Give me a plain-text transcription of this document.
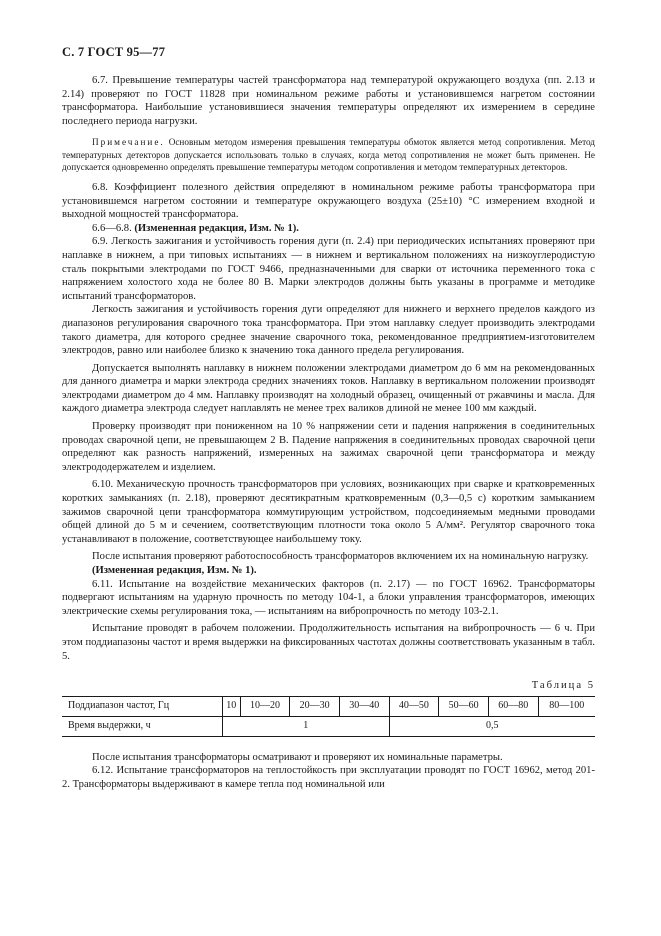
С. 7 ГОСТ 95—77

6.7. Превышение температуры частей трансформатора над температурой окружающего воздуха (пп. 2.13 и 2.14) проверяют по ГОСТ 11828 при номинальном режиме работы и установившемся нагретом состоянии трансформатора. Наибольшие установившиеся значения температуры определяют их измерением в середине последнего периода нагрузки.

Примечание. Основным методом измерения превышения температуры обмоток является метод сопротивления. Метод температурных детекторов допускается использовать только в случаях, когда метод сопротивления не может быть применен. Не допускается одновременно определять превышение температуры методом сопротивления и методом температурных детекторов.

6.8. Коэффициент полезного действия определяют в номинальном режиме работы трансформатора при установившемся нагретом состоянии и температуре окружающего воздуха (25±10) °С измерением входной и выходной мощностей трансформатора.

6.6—6.8. (Измененная редакция, Изм. № 1).

6.9. Легкость зажигания и устойчивость горения дуги (п. 2.4) при периодических испытаниях проверяют при наплавке в нижнем, а при типовых испытаниях — в нижнем и вертикальном положениях на низкоуглеродистую сталь покрытыми электродами по ГОСТ 9466, предназначенными для сварки от источника переменного тока с напряжением холостого хода не более 80 В. Марки электродов должны быть указаны в программе и методике испытаний трансформаторов.

Легкость зажигания и устойчивость горения дуги определяют для нижнего и верхнего пределов каждого из диапазонов регулирования сварочного тока трансформатора. При этом наплавку следует производить электродами такого диаметра, для которого среднее значение сварочного тока, рекомендованное предприятием-изготовителем электродов, равно или наиболее близко к значению тока данного предела регулирования.

Допускается выполнять наплавку в нижнем положении электродами диаметром до 6 мм на рекомендованных для данного диаметра и марки электрода средних значениях токов. Наплавку в вертикальном положении производят электродами диаметром до 4 мм. Наплавку производят на холодный образец, очищенный от ржавчины и масла. Для каждого диаметра электрода следует наплавлять не менее трех валиков длиной не менее 100 мм каждый.

Проверку производят при пониженном на 10 % напряжении сети и падения напряжения в соединительных проводах сварочной цепи, не превышающем 2 В. Падение напряжения в соединительных проводах сварочной цепи определяют как разность напряжений, измеренных на зажимах сварочной цепи трансформатора и между электрододержателем и изделием.

6.10. Механическую прочность трансформаторов при условиях, возникающих при сварке и кратковременных коротких замыканиях (п. 2.18), проверяют десятикратным кратковременным (0,3—0,5 с) коротким замыканием зажимов сварочной цепи трансформатора коммутирующим устройством, подсоединяемым медными проводами общей длиной до 5 м и сечением, соответствующим плотности тока около 5 А/мм². Регулятор сварочного тока устанавливают в положение, соответствующее наибольшему току.

После испытания проверяют работоспособность трансформаторов включением их на номинальную нагрузку.

(Измененная редакция, Изм. № 1).

6.11. Испытание на воздействие механических факторов (п. 2.17) — по ГОСТ 16962. Трансформаторы подвергают испытаниям на ударную прочность по методу 104-1, а блоки управления трансформаторов, имеющих электрические схемы регулирования тока, — испытаниям на вибропрочность по методу 103-2.1.

Испытание проводят в рабочем положении. Продолжительность испытания на вибропрочность — 6 ч. При этом поддиапазоны частот и время выдержки на фиксированных частотах должны соответствовать указанным в табл. 5.

Таблица 5
Поддиапазон частот, Гц	10	10—20	20—30	30—40	40—50	50—60	60—80	80—100
Время выдержки, ч	1				0,5			

После испытания трансформаторы осматривают и проверяют их номинальные параметры.

6.12. Испытание трансформаторов на теплостойкость при эксплуатации проводят по ГОСТ 16962, метод 201-2. Трансформаторы выдерживают в камере тепла под номинальной или
